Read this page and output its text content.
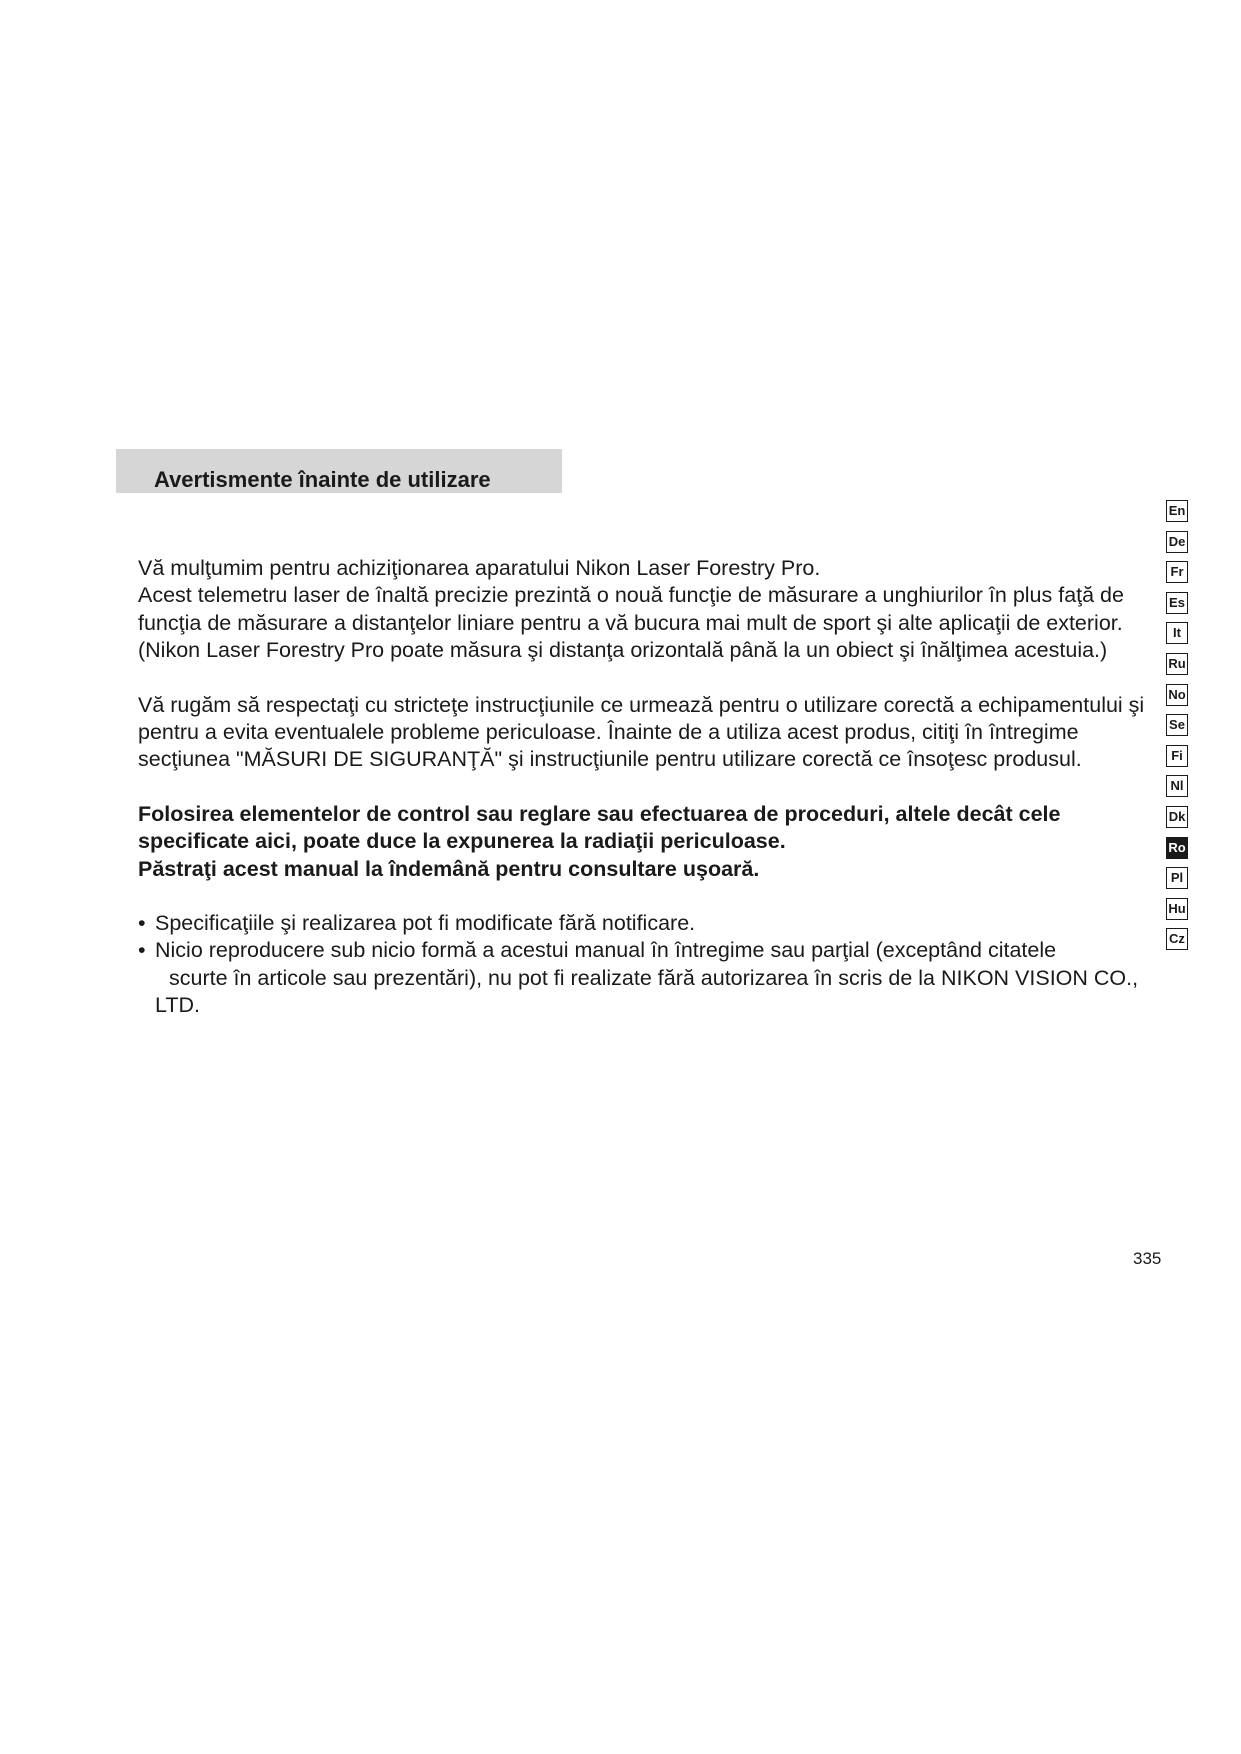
Avertismente înainte de utilizare

Vă mulţumim pentru achiziţionarea aparatului Nikon Laser Forestry Pro.
Acest telemetru laser de înaltă precizie prezintă o nouă funcţie de măsurare a unghiurilor în plus faţă de funcţia de măsurare a distanţelor liniare pentru a vă bucura mai mult de sport şi alte aplicaţii de exterior. (Nikon Laser Forestry Pro poate măsura şi distanţa orizontală până la un obiect şi înălţimea acestuia.)

Vă rugăm să respectaţi cu stricteţe instrucţiunile ce urmează pentru o utilizare corectă a echipamentului şi pentru a evita eventualele probleme periculoase. Înainte de a utiliza acest produs, citiţi în întregime secţiunea "MĂSURI DE SIGURANŢĂ" şi instrucţiunile pentru utilizare corectă ce însoţesc produsul.

Folosirea elementelor de control sau reglare sau efectuarea de proceduri, altele decât cele specificate aici, poate duce la expunerea la radiaţii periculoase.
Păstraţi acest manual la îndemână pentru consultare uşoară.

• Specificaţiile şi realizarea pot fi modificate fără notificare.
• Nicio reproducere sub nicio formă a acestui manual în întregime sau parţial (exceptând citatele
scurte în articole sau prezentări), nu pot fi realizate fără autorizarea în scris de la NIKON VISION CO., LTD.
En
De
Fr
Es
It
Ru
No
Se
Fi
Nl
Dk
Ro
Pl
Hu
Cz
335
